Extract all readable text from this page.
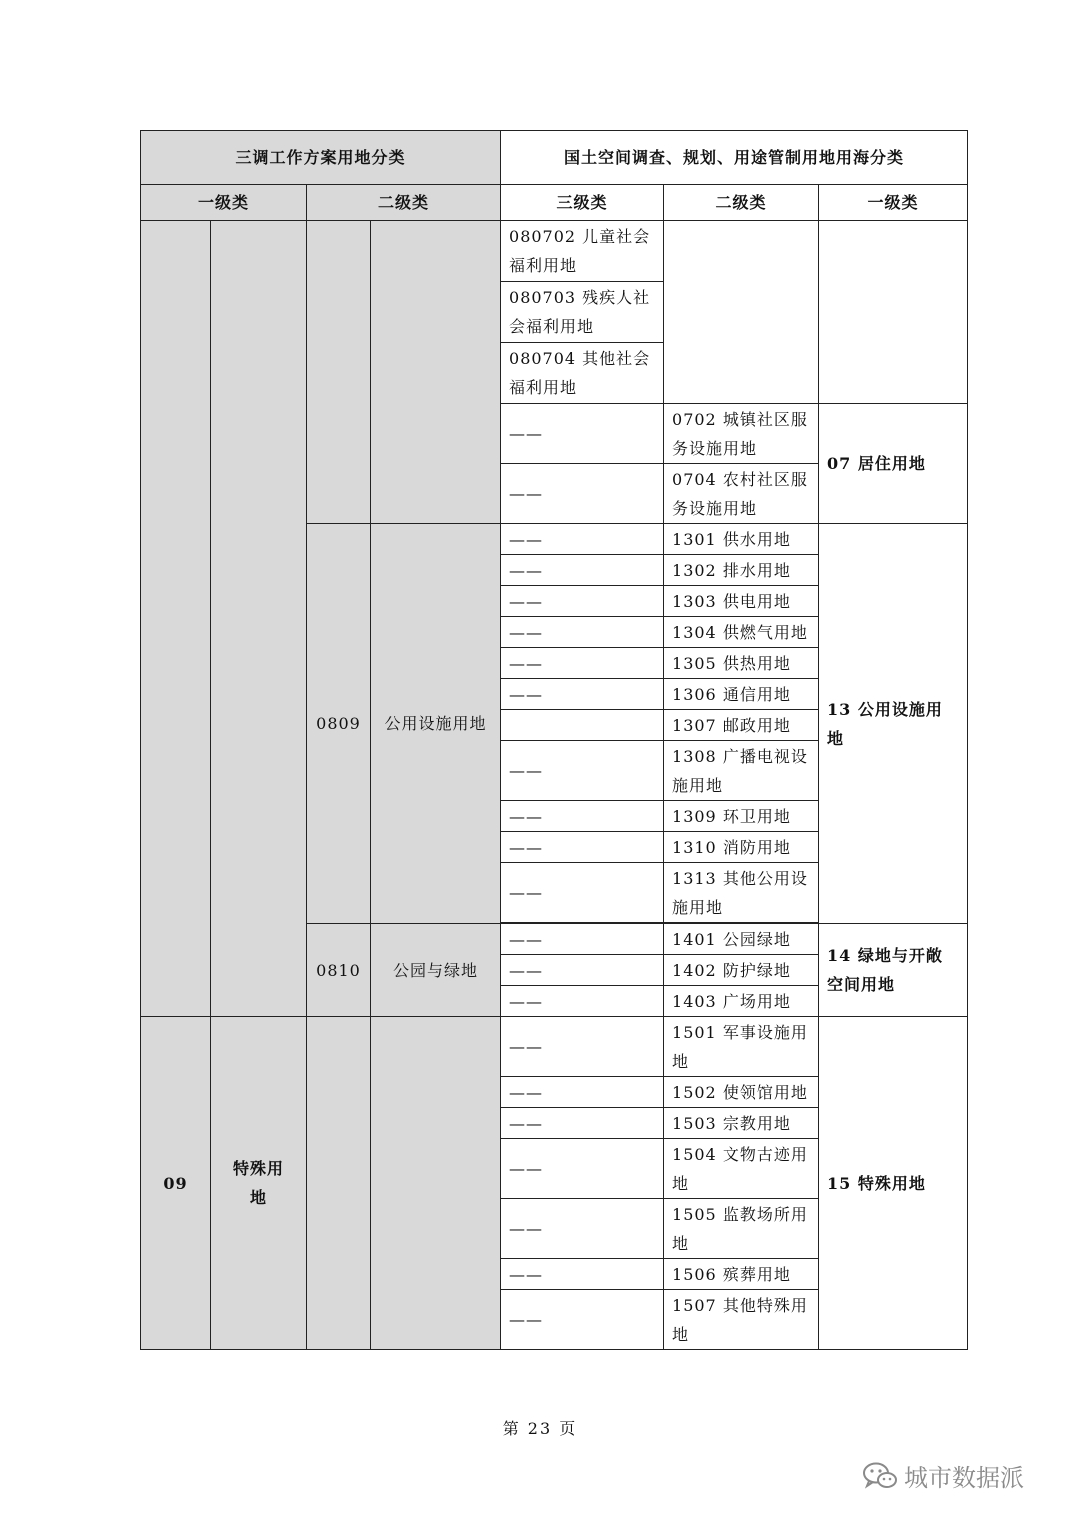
三调工作方案用地分类				国土空间调查、规划、用途管制用地用海分类		
一级类		二级类		三级类	二级类	一级类
				080702 儿童社会福利用地		
				080703 残疾人社会福利用地		
				080704 其他社会福利用地		
				——	0702 城镇社区服务设施用地	07 居住用地
				——	0704 农村社区服务设施用地	
		0809	公用设施用地	——	1301 供水用地	13 公用设施用地
				——	1302 排水用地	
				——	1303 供电用地	
				——	1304 供燃气用地	
				——	1305 供热用地	
				——	1306 通信用地	
					1307 邮政用地	
				——	1308 广播电视设施用地	
				——	1309 环卫用地	
				——	1310 消防用地	
				——	1313 其他公用设施用地	

		0810	公园与绿地	——	1401 公园绿地	14 绿地与开敞空间用地
				——	1402 防护绿地	
				——	1403 广场用地	
09	特殊用地			——	1501 军事设施用地	15 特殊用地
				——	1502 使领馆用地	
				——	1503 宗教用地	
				——	1504 文物古迹用地	
				——	1505 监教场所用地	
				——	1506 殡葬用地	
				——	1507 其他特殊用地	
第 23 页
城市数据派
